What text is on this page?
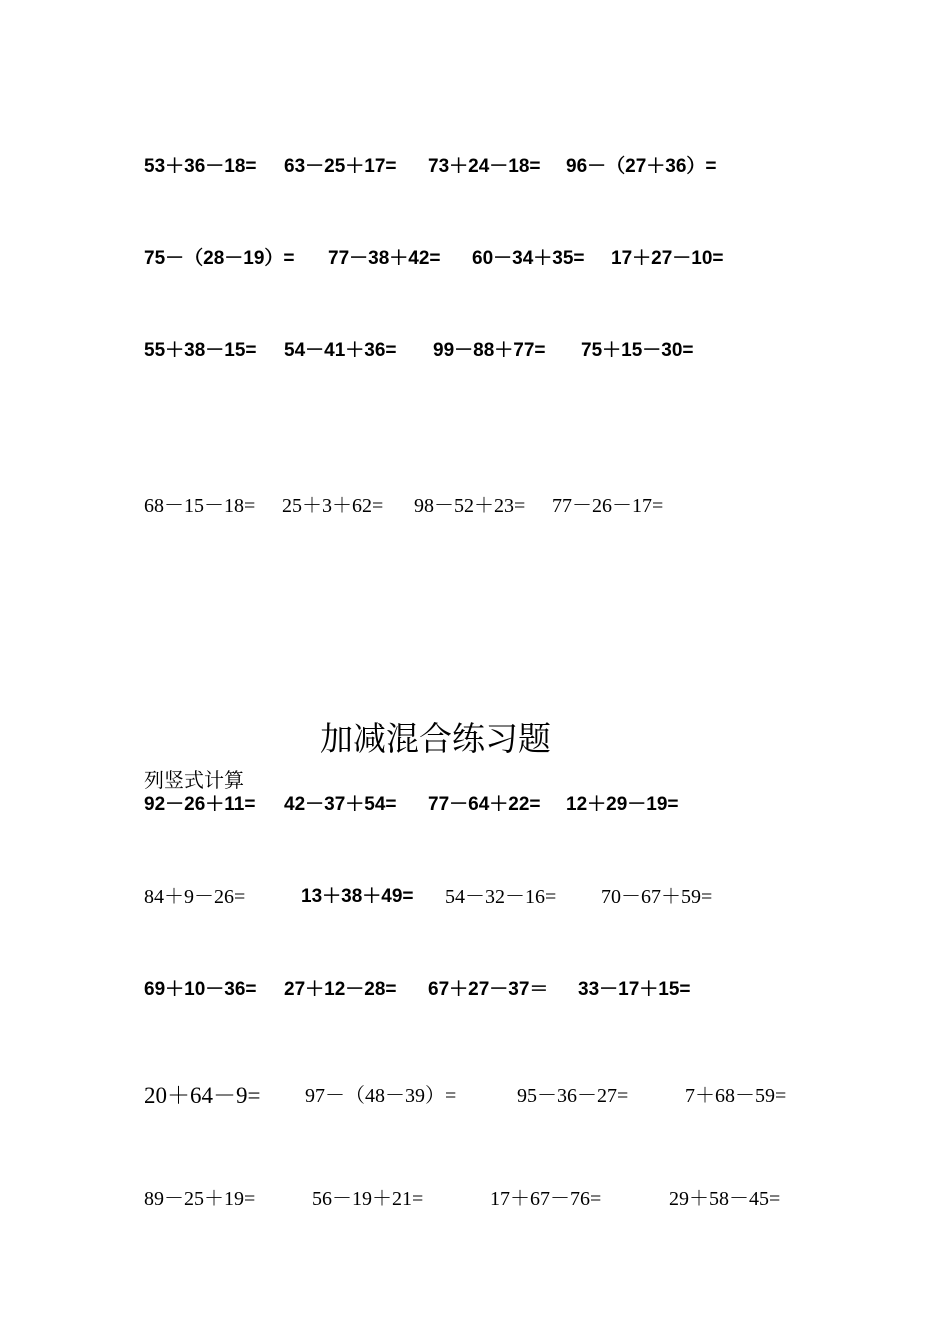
53＋36－18= 63－25＋17= 73＋24－18= 96－（27＋36）=
75－（28－19）= 77－38＋42= 60－34＋35= 17＋27－10=
55＋38－15= 54－41＋36= 99－88＋77= 75＋15－30=
68－15－18= 25＋3＋62= 98－52＋23= 77－26－17=
加减混合练习题
列竖式计算
92－26＋11= 42－37＋54= 77－64＋22= 12＋29－19=
84＋9－26=	13＋38＋49= 54－32－16= 70－67＋59=
69＋10－36= 27＋12－28= 67＋27－37＝ 33－17＋15=
20＋64－9= 97－（48－39）=	95－36－27=	7＋68－59=
89－25＋19=	56－19＋21=	17＋67－76=	29＋58－45=
